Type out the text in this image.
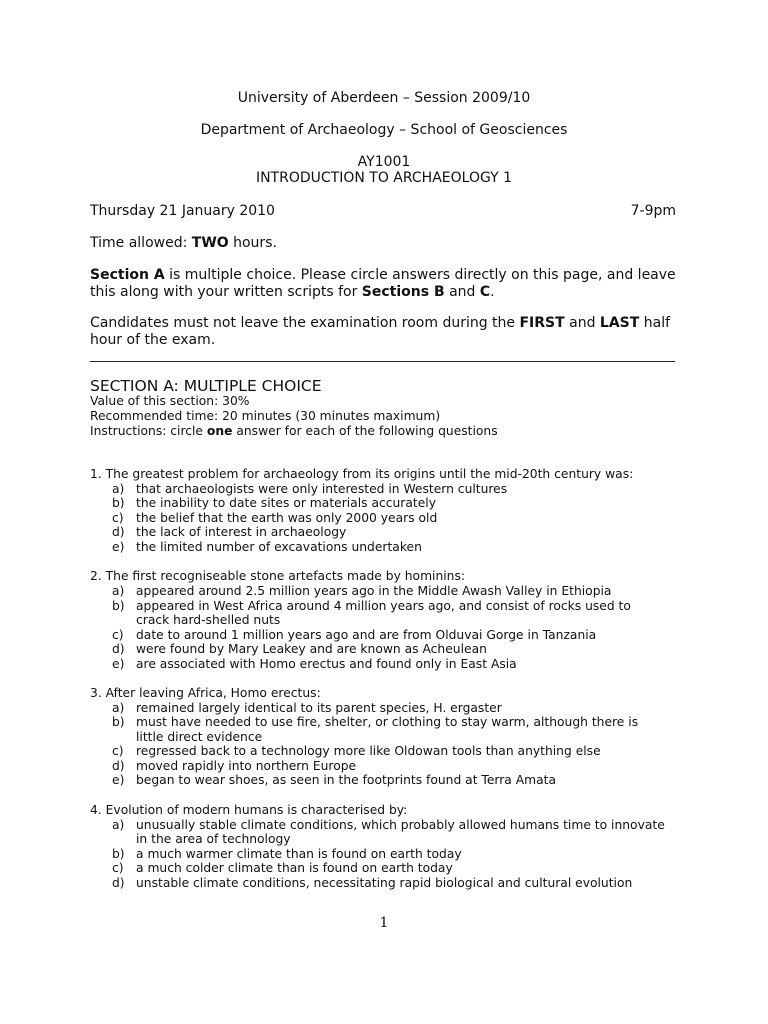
University of Aberdeen – Session 2009/10
Department of Archaeology – School of Geosciences
AY1001
INTRODUCTION TO ARCHAEOLOGY 1
Thursday 21 January 2010	7-9pm
Time allowed: TWO hours.
Section A is multiple choice. Please circle answers directly on this page, and leave
this along with your written scripts for Sections B and C.
Candidates must not leave the examination room during the FIRST and LAST half
hour of the exam.
SECTION A: MULTIPLE CHOICE
Value of this section: 30%
Recommended time: 20 minutes (30 minutes maximum)
Instructions: circle one answer for each of the following questions
1. The greatest problem for archaeology from its origins until the mid-20th century was:
a) that archaeologists were only interested in Western cultures
b) the inability to date sites or materials accurately
c) the belief that the earth was only 2000 years old
d) the lack of interest in archaeology
e) the limited number of excavations undertaken
2. The first recogniseable stone artefacts made by hominins:
a) appeared around 2.5 million years ago in the Middle Awash Valley in Ethiopia
b) appeared in West Africa around 4 million years ago, and consist of rocks used to
crack hard-shelled nuts
c) date to around 1 million years ago and are from Olduvai Gorge in Tanzania
d) were found by Mary Leakey and are known as Acheulean
e) are associated with Homo erectus and found only in East Asia
3. After leaving Africa, Homo erectus:
a) remained largely identical to its parent species, H. ergaster
b) must have needed to use fire, shelter, or clothing to stay warm, although there is
little direct evidence
c) regressed back to a technology more like Oldowan tools than anything else
d) moved rapidly into northern Europe
e) began to wear shoes, as seen in the footprints found at Terra Amata
4. Evolution of modern humans is characterised by:
a) unusually stable climate conditions, which probably allowed humans time to innovate
in the area of technology
b) a much warmer climate than is found on earth today
c) a much colder climate than is found on earth today
d) unstable climate conditions, necessitating rapid biological and cultural evolution
1
